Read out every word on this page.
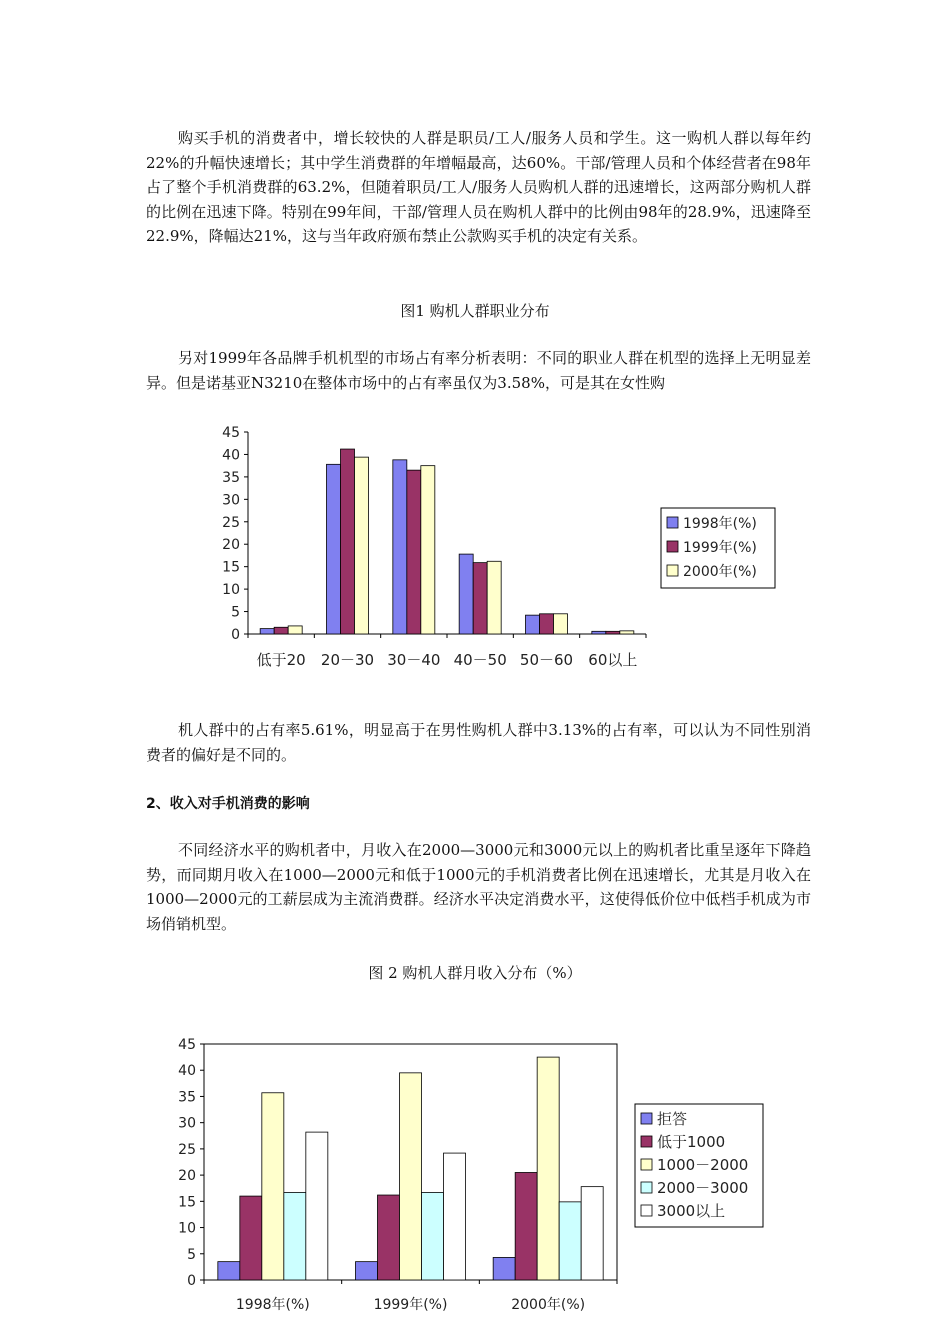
购买手机的消费者中，增长较快的人群是职员/工人/服务人员和学生。这一购机人群以每年约22%的升幅快速增长；其中学生消费群的年增幅最高，达60%。干部/管理人员和个体经营者在98年占了整个手机消费群的63.2%，但随着职员/工人/服务人员购机人群的迅速增长，这两部分购机人群的比例在迅速下降。特别在99年间，干部/管理人员在购机人群中的比例由98年的28.9%，迅速降至22.9%，降幅达21%，这与当年政府颁布禁止公款购买手机的决定有关系。

图1 购机人群职业分布

另对1999年各品牌手机机型的市场占有率分析表明：不同的职业人群在机型的选择上无明显差异。但是诺基亚N3210在整体市场中的占有率虽仅为3.58%，可是其在女性购

0
5
10
15
20
25
30
35
40
45
低于20 20－30 30－40 40－50 50－60 60以上
1998年(%)
1999年(%)
2000年(%)

机人群中的占有率5.61%，明显高于在男性购机人群中3.13%的占有率，可以认为不同性别消费者的偏好是不同的。

2、收入对手机消费的影响

不同经济水平的购机者中，月收入在2000—3000元和3000元以上的购机者比重呈逐年下降趋势，而同期月收入在1000—2000元和低于1000元的手机消费者比例在迅速增长，尤其是月收入在1000—2000元的工薪层成为主流消费群。经济水平决定消费水平，这使得低价位中低档手机成为市场俏销机型。

图 2 购机人群月收入分布（%）

0
5
10
15
20
25
30
35
40
45
1998年(%)	1999年(%)	2000年(%)
拒答
低于1000
1000－2000
2000－3000
3000以上
